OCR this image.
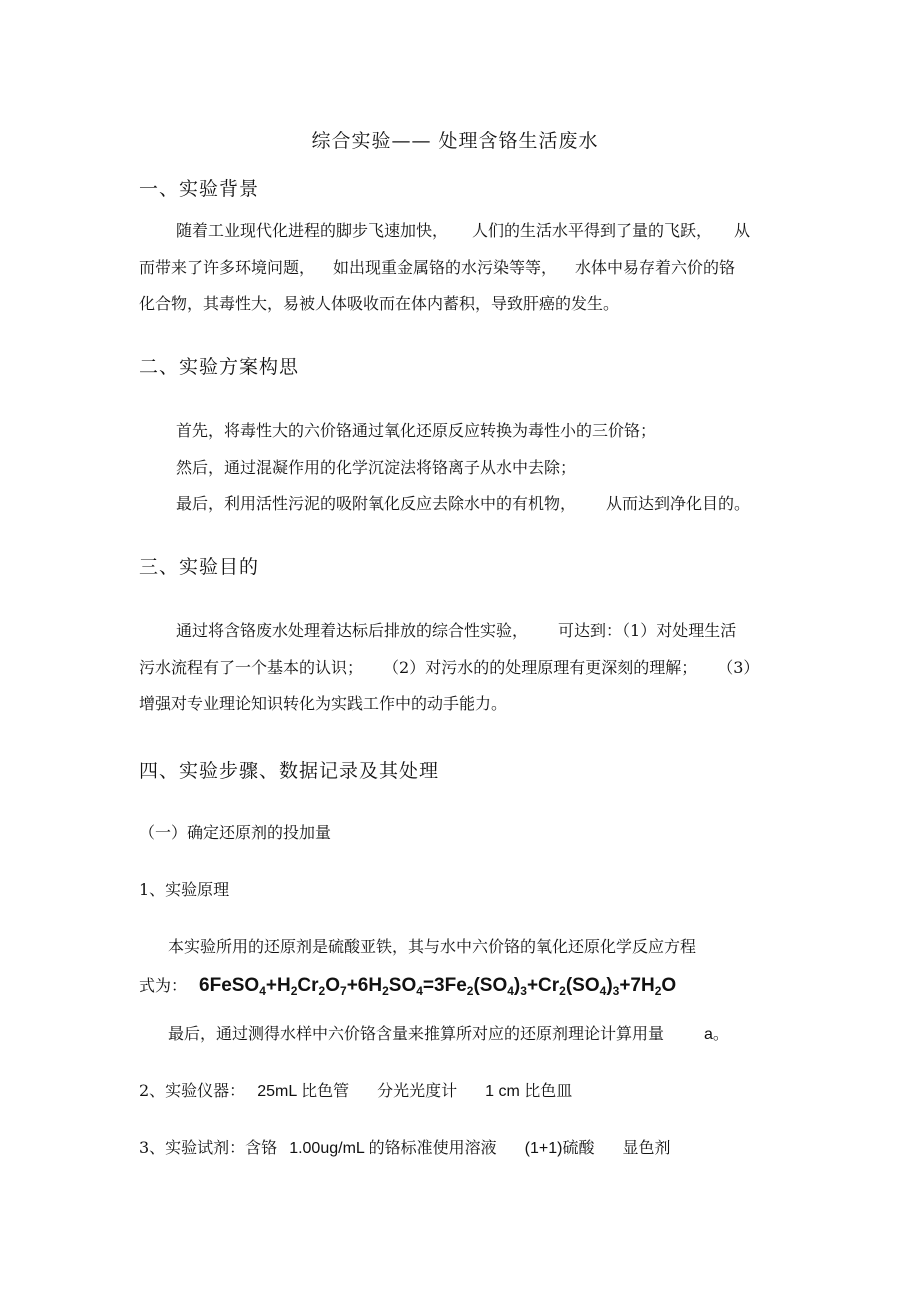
综合实验—— 处理含铬生活废水
一、实验背景
随着工业现代化进程的脚步飞速加快， 人们的生活水平得到了量的飞跃， 从
而带来了许多环境问题， 如出现重金属铬的水污染等等， 水体中易存着六价的铬
化合物，其毒性大，易被人体吸收而在体内蓄积，导致肝癌的发生。
二、实验方案构思
首先，将毒性大的六价铬通过氧化还原反应转换为毒性小的三价铬；
然后，通过混凝作用的化学沉淀法将铬离子从水中去除；
最后，利用活性污泥的吸附氧化反应去除水中的有机物， 从而达到净化目的。
三、实验目的
通过将含铬废水处理着达标后排放的综合性实验， 可达到：（1）对处理生活
污水流程有了一个基本的认识； （2）对污水的的处理原理有更深刻的理解； （3）
增强对专业理论知识转化为实践工作中的动手能力。
四、实验步骤、数据记录及其处理
（一）确定还原剂的投加量
1、实验原理
本实验所用的还原剂是硫酸亚铁，其与水中六价铬的氧化还原化学反应方程
式为： $6FeSO_4+H_2Cr_2O_7+6H_2SO_4=3Fe_2(SO_4)_3+Cr_2(SO_4)_3+7H_2O$
最后，通过测得水样中六价铬含量来推算所对应的还原剂理论计算用量	a。
2、实验仪器： 25mL 比色管 分光光度计 1 cm 比色皿
3、实验试剂：含铬 1.00ug/mL 的铬标准使用溶液 (1+1)硫酸 显色剂
